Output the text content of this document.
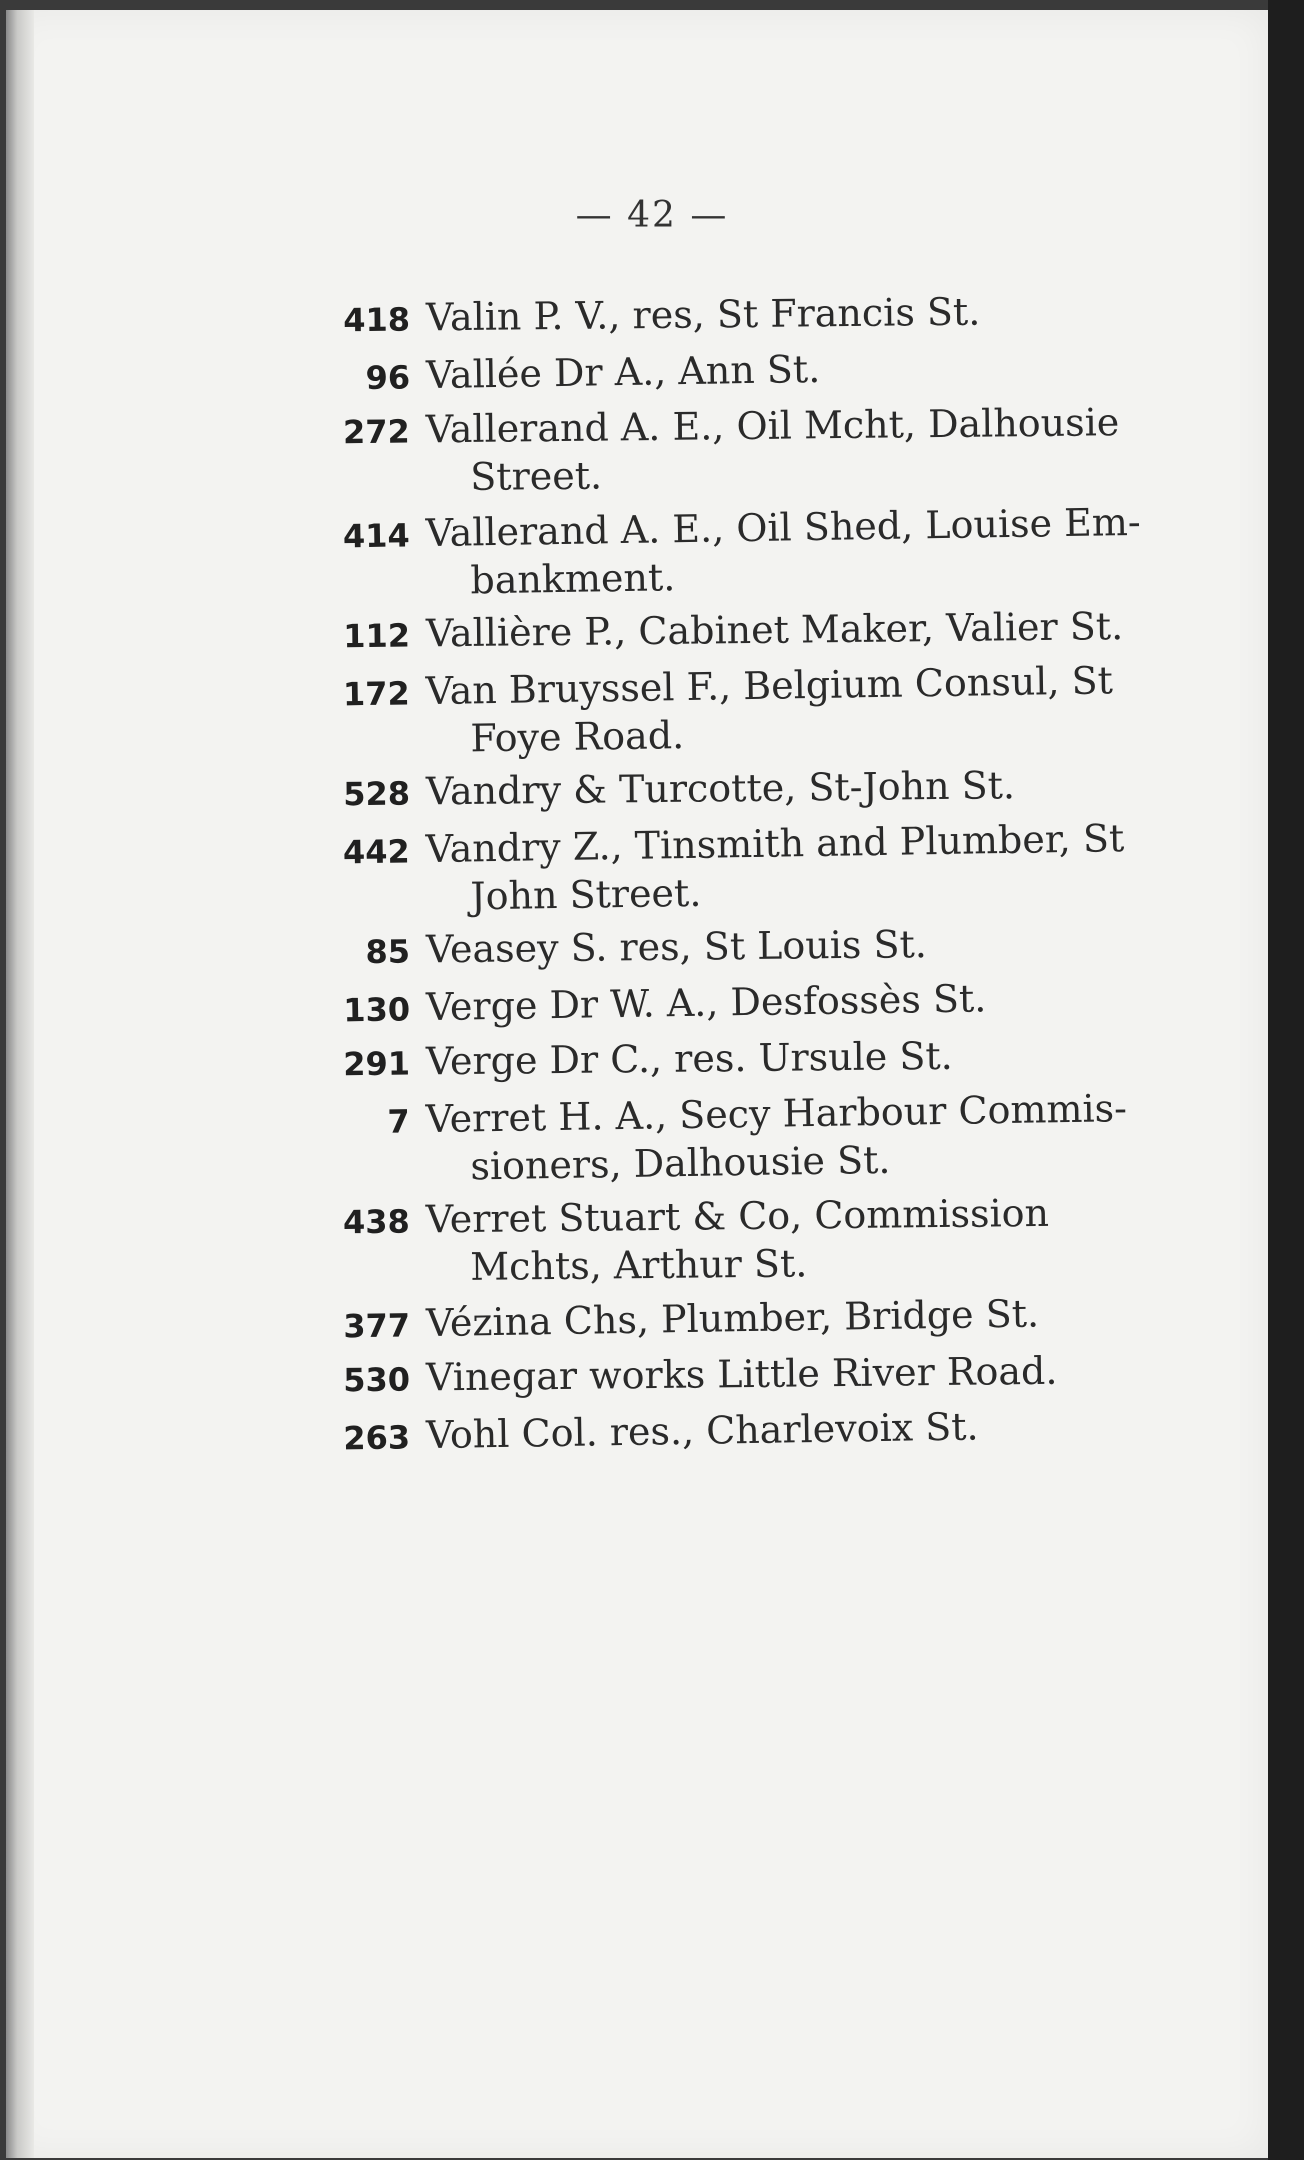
— 42 —
418 Valin P. V., res, St Francis St.
96 Vallée Dr A., Ann St.
272 Vallerand A. E., Oil Mcht, Dalhousie
Street.
414 Vallerand A. E., Oil Shed, Louise Em-
bankment.
112 Vallière P., Cabinet Maker, Valier St.
172 Van Bruyssel F., Belgium Consul, St
Foye Road.
528 Vandry & Turcotte, St-John St.
442 Vandry Z., Tinsmith and Plumber, St
John Street.
85 Veasey S. res, St Louis St.
130 Verge Dr W. A., Desfossès St.
291 Verge Dr C., res. Ursule St.
7 Verret H. A., Secy Harbour Commis-
sioners, Dalhousie St.
438 Verret Stuart & Co, Commission
Mchts, Arthur St.
377 Vézina Chs, Plumber, Bridge St.
530 Vinegar works Little River Road.
263 Vohl Col. res., Charlevoix St.
